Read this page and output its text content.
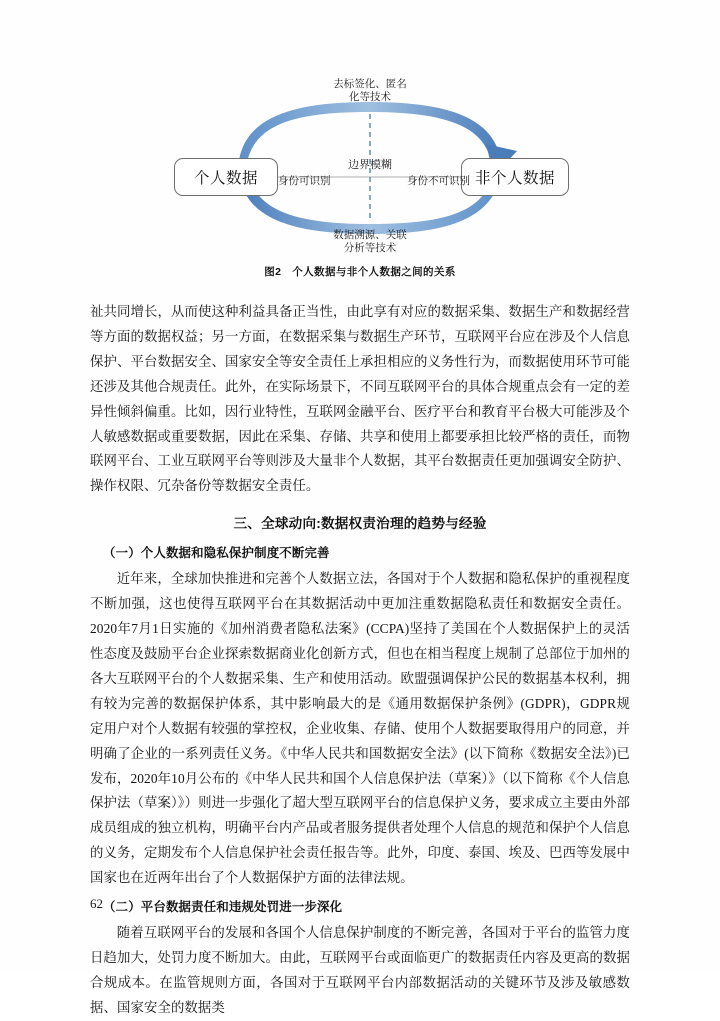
个人数据	非个人数据
去标签化、匿名
化等技术
数据溯源、关联
分析等技术
边界模糊
身份可识别	身份不可识别
图2　个人数据与非个人数据之间的关系

祉共同增长，从而使这种利益具备正当性，由此享有对应的数据采集、数据生产和数据经营等方面的数据权益；另一方面，在数据采集与数据生产环节，互联网平台应在涉及个人信息保护、平台数据安全、国家安全等安全责任上承担相应的义务性行为，而数据使用环节可能还涉及其他合规责任。此外，在实际场景下，不同互联网平台的具体合规重点会有一定的差异性倾斜偏重。比如，因行业特性，互联网金融平台、医疗平台和教育平台极大可能涉及个人敏感数据或重要数据，因此在采集、存储、共享和使用上都要承担比较严格的责任，而物联网平台、工业互联网平台等则涉及大量非个人数据，其平台数据责任更加强调安全防护、操作权限、冗杂备份等数据安全责任。

三、全球动向:数据权责治理的趋势与经验
（一）个人数据和隐私保护制度不断完善

近年来，全球加快推进和完善个人数据立法，各国对于个人数据和隐私保护的重视程度不断加强，这也使得互联网平台在其数据活动中更加注重数据隐私责任和数据安全责任。2020年7月1日实施的《加州消费者隐私法案》(CCPA)坚持了美国在个人数据保护上的灵活性态度及鼓励平台企业探索数据商业化创新方式，但也在相当程度上规制了总部位于加州的各大互联网平台的个人数据采集、生产和使用活动。欧盟强调保护公民的数据基本权利，拥有较为完善的数据保护体系，其中影响最大的是《通用数据保护条例》(GDPR)，GDPR规定用户对个人数据有较强的掌控权，企业收集、存储、使用个人数据要取得用户的同意，并明确了企业的一系列责任义务。《中华人民共和国数据安全法》(以下简称《数据安全法》)已发布，2020年10月公布的《中华人民共和国个人信息保护法（草案）》（以下简称《个人信息保护法（草案）》）则进一步强化了超大型互联网平台的信息保护义务，要求成立主要由外部成员组成的独立机构，明确平台内产品或者服务提供者处理个人信息的规范和保护个人信息的义务，定期发布个人信息保护社会责任报告等。此外，印度、泰国、埃及、巴西等发展中国家也在近两年出台了个人数据保护方面的法律法规。

（二）平台数据责任和违规处罚进一步深化

随着互联网平台的发展和各国个人信息保护制度的不断完善，各国对于平台的监管力度日趋加大，处罚力度不断加大。由此，互联网平台或面临更广的数据责任内容及更高的数据合规成本。在监管规则方面，各国对于互联网平台内部数据活动的关键环节及涉及敏感数据、国家安全的数据类

62
